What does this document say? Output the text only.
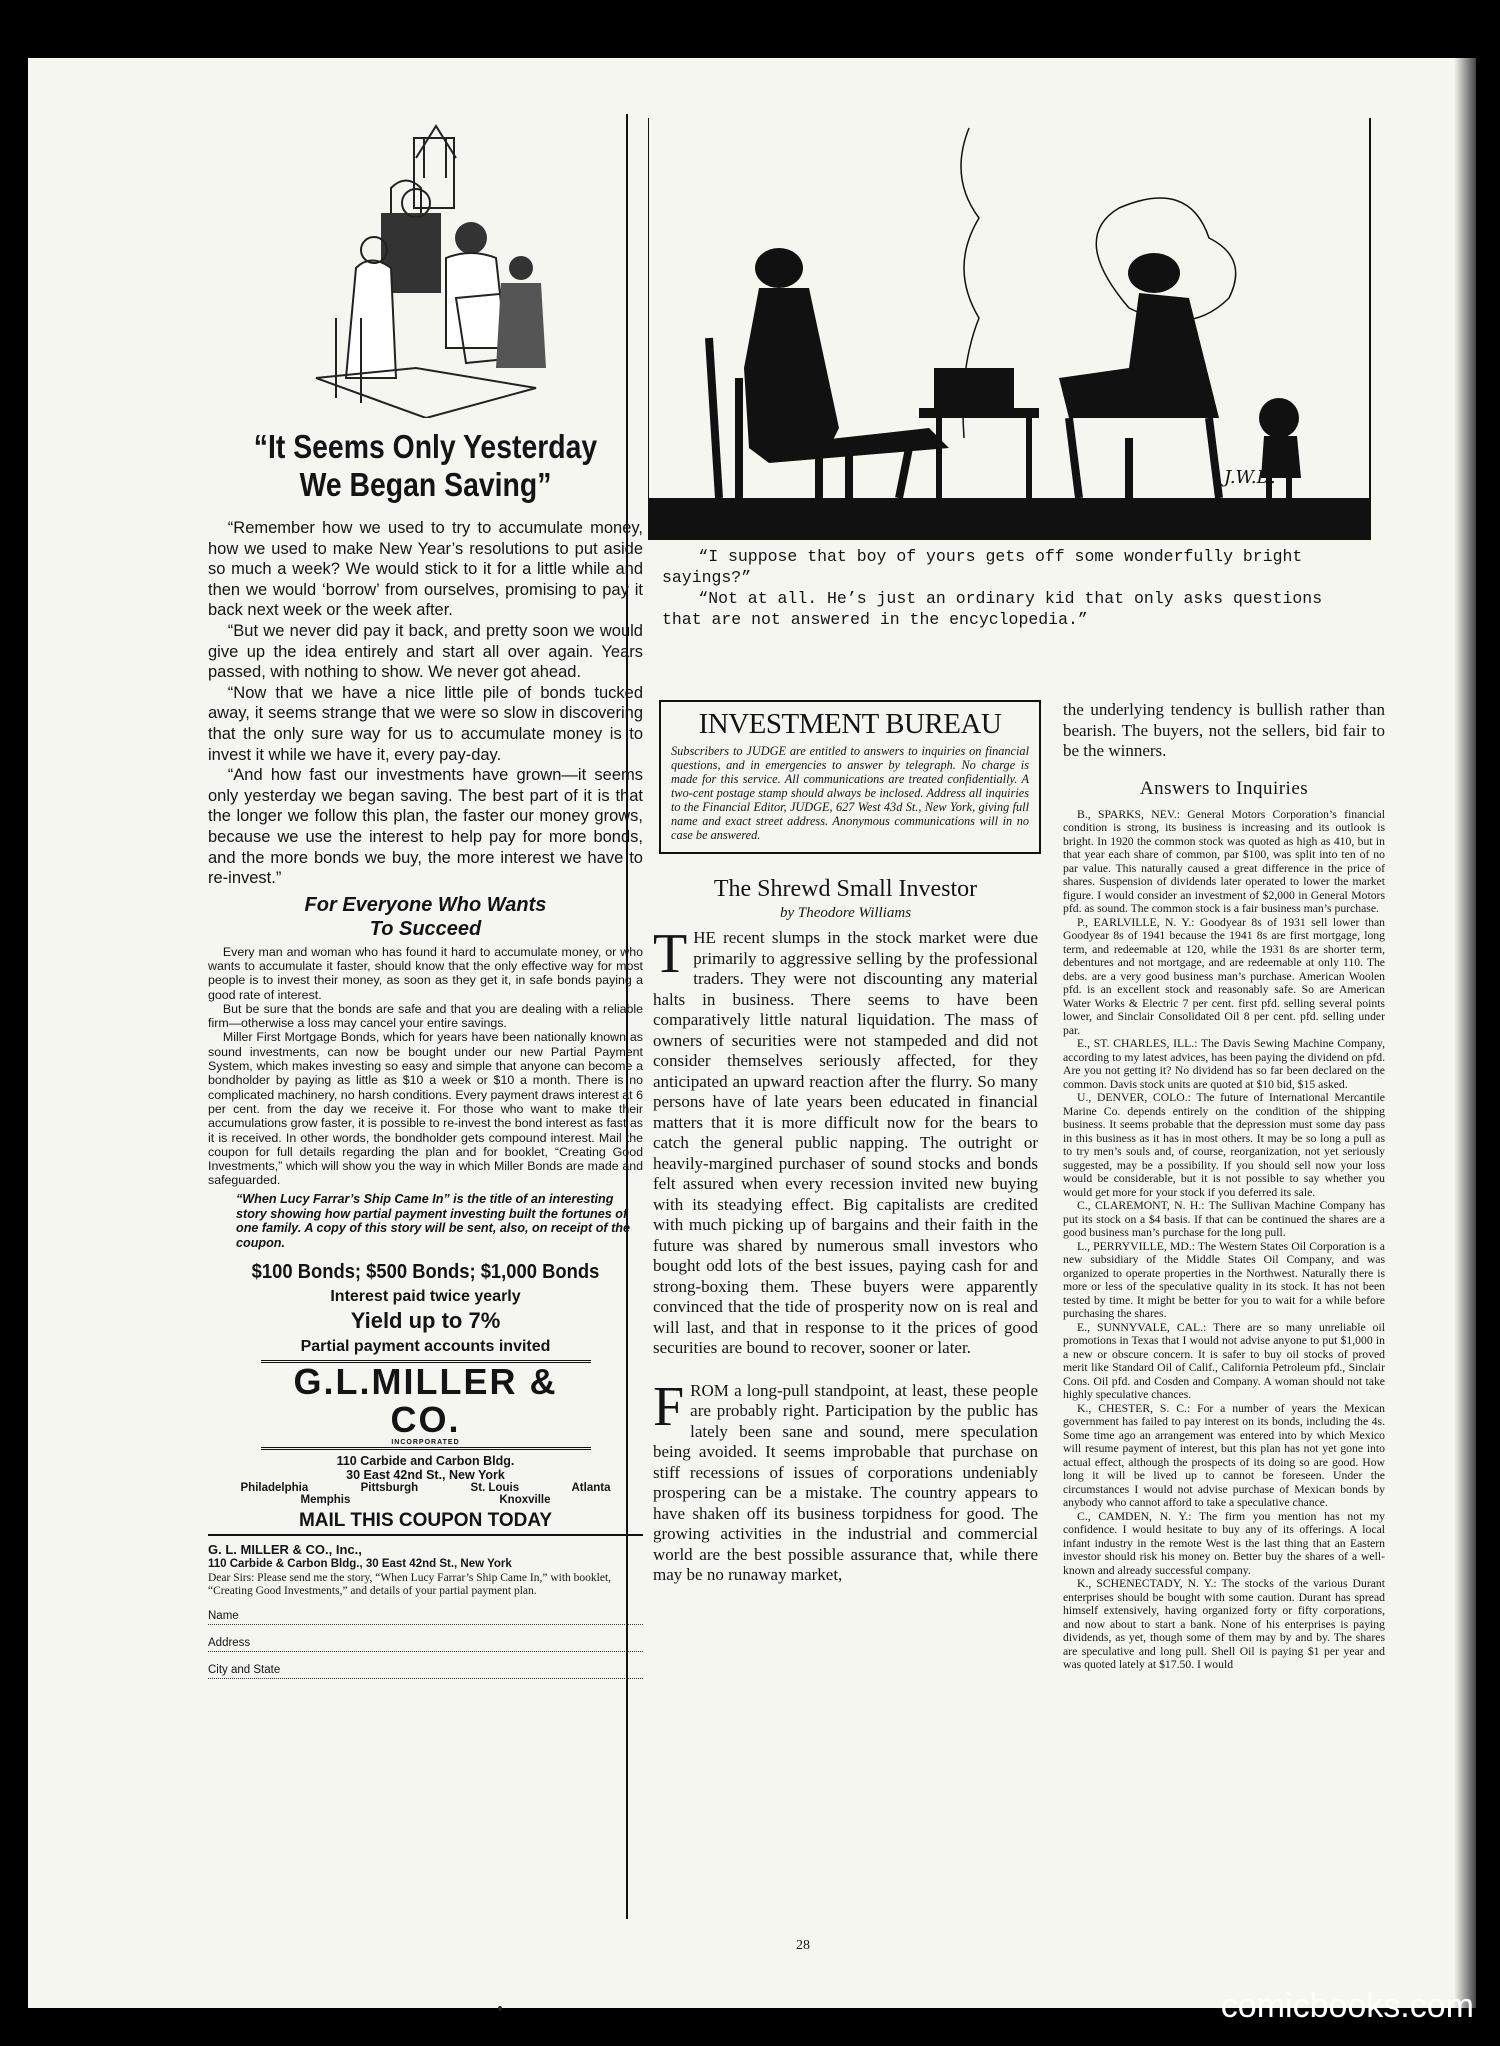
“It Seems Only Yesterday
We Began Saving”

“Remember how we used to try to accumulate money, how we used to make New Year’s resolutions to put aside so much a week? We would stick to it for a little while and then we would ‘borrow’ from ourselves, promising to pay it back next week or the week after.

“But we never did pay it back, and pretty soon we would give up the idea entirely and start all over again. Years passed, with nothing to show. We never got ahead.

“Now that we have a nice little pile of bonds tucked away, it seems strange that we were so slow in discovering that the only sure way for us to accumulate money is to invest it while we have it, every pay-day.

“And how fast our investments have grown—it seems only yesterday we began saving. The best part of it is that the longer we follow this plan, the faster our money grows, because we use the interest to help pay for more bonds, and the more bonds we buy, the more interest we have to re-invest.”

For Everyone Who Wants
To Succeed

Every man and woman who has found it hard to accumulate money, or who wants to accumulate it faster, should know that the only effective way for most people is to invest their money, as soon as they get it, in safe bonds paying a good rate of interest.

But be sure that the bonds are safe and that you are dealing with a reliable firm—otherwise a loss may cancel your entire savings.

Miller First Mortgage Bonds, which for years have been nationally known as sound investments, can now be bought under our new Partial Payment System, which makes investing so easy and simple that anyone can become a bondholder by paying as little as $10 a week or $10 a month. There is no complicated machinery, no harsh conditions. Every payment draws interest at 6 per cent. from the day we receive it. For those who want to make their accumulations grow faster, it is possible to re-invest the bond interest as fast as it is received. In other words, the bondholder gets compound interest. Mail the coupon for full details regarding the plan and for booklet, “Creating Good Investments,” which will show you the way in which Miller Bonds are made and safeguarded.

“When Lucy Farrar’s Ship Came In” is the title of an interesting story showing how partial payment investing built the fortunes of one family. A copy of this story will be sent, also, on receipt of the coupon.
$100 Bonds; $500 Bonds; $1,000 Bonds
Interest paid twice yearly
Yield up to 7%
Partial payment accounts invited
G.L.MILLER & CO.
INCORPORATED
110 Carbide and Carbon Bldg.
30 East 42nd St., New York
Philadelphia	Pittsburgh	St. Louis	Atlanta
Memphis	Knoxville
MAIL THIS COUPON TODAY
G. L. MILLER & CO., Inc.,
110 Carbide & Carbon Bldg., 30 East 42nd St., New York
Dear Sirs: Please send me the story, “When Lucy Farrar’s Ship Came In,” with booklet, “Creating Good Investments,” and details of your partial payment plan.
Name
Address
City and State
J.W.B.

“I suppose that boy of yours gets off some wonderfully bright sayings?”

“Not at all. He’s just an ordinary kid that only asks questions that are not answered in the encyclopedia.”

INVESTMENT BUREAU
Subscribers to JUDGE are entitled to answers to inquiries on financial questions, and in emergencies to answer by telegraph. No charge is made for this service. All communications are treated confidentially. A two-cent postage stamp should always be inclosed. Address all inquiries to the Financial Editor, JUDGE, 627 West 43d St., New York, giving full name and exact street address. Anonymous communications will in no case be answered.
The Shrewd Small Investor
by Theodore Williams
THE recent slumps in the stock market were due primarily to aggressive selling by the professional traders. They were not discounting any material halts in business. There seems to have been comparatively little natural liquidation. The mass of owners of securities were not stampeded and did not consider themselves seriously affected, for they anticipated an upward reaction after the flurry. So many persons have of late years been educated in financial matters that it is more difficult now for the bears to catch the general public napping. The outright or heavily-margined purchaser of sound stocks and bonds felt assured when every recession invited new buying with its steadying effect. Big capitalists are credited with much picking up of bargains and their faith in the future was shared by numerous small investors who bought odd lots of the best issues, paying cash for and strong-boxing them. These buyers were apparently convinced that the tide of prosperity now on is real and will last, and that in response to it the prices of good securities are bound to recover, sooner or later.
FROM a long-pull standpoint, at least, these people are probably right. Participation by the public has lately been sane and sound, mere speculation being avoided. It seems improbable that purchase on stiff recessions of issues of corporations undeniably prospering can be a mistake. The country appears to have shaken off its business torpidness for good. The growing activities in the industrial and commercial world are the best possible assurance that, while there may be no runaway market,
the underlying tendency is bullish rather than bearish. The buyers, not the sellers, bid fair to be the winners.
Answers to Inquiries

B., SPARKS, NEV.: General Motors Corporation’s financial condition is strong, its business is increasing and its outlook is bright. In 1920 the common stock was quoted as high as 410, but in that year each share of common, par $100, was split into ten of no par value. This naturally caused a great difference in the price of shares. Suspension of dividends later operated to lower the market figure. I would consider an investment of $2,000 in General Motors pfd. as sound. The common stock is a fair business man’s purchase.

P., EARLVILLE, N. Y.: Goodyear 8s of 1931 sell lower than Goodyear 8s of 1941 because the 1941 8s are first mortgage, long term, and redeemable at 120, while the 1931 8s are shorter term, debentures and not mortgage, and are redeemable at only 110. The debs. are a very good business man’s purchase. American Woolen pfd. is an excellent stock and reasonably safe. So are American Water Works & Electric 7 per cent. first pfd. selling several points lower, and Sinclair Consolidated Oil 8 per cent. pfd. selling under par.

E., ST. CHARLES, ILL.: The Davis Sewing Machine Company, according to my latest advices, has been paying the dividend on pfd. Are you not getting it? No dividend has so far been declared on the common. Davis stock units are quoted at $10 bid, $15 asked.

U., DENVER, COLO.: The future of International Mercantile Marine Co. depends entirely on the condition of the shipping business. It seems probable that the depression must some day pass in this business as it has in most others. It may be so long a pull as to try men’s souls and, of course, reorganization, not yet seriously suggested, may be a possibility. If you should sell now your loss would be considerable, but it is not possible to say whether you would get more for your stock if you deferred its sale.

C., CLAREMONT, N. H.: The Sullivan Machine Company has put its stock on a $4 basis. If that can be continued the shares are a good business man’s purchase for the long pull.

L., PERRYVILLE, MD.: The Western States Oil Corporation is a new subsidiary of the Middle States Oil Company, and was organized to operate properties in the Northwest. Naturally there is more or less of the speculative quality in its stock. It has not been tested by time. It might be better for you to wait for a while before purchasing the shares.

E., SUNNYVALE, CAL.: There are so many unreliable oil promotions in Texas that I would not advise anyone to put $1,000 in a new or obscure concern. It is safer to buy oil stocks of proved merit like Standard Oil of Calif., California Petroleum pfd., Sinclair Cons. Oil pfd. and Cosden and Company. A woman should not take highly speculative chances.

K., CHESTER, S. C.: For a number of years the Mexican government has failed to pay interest on its bonds, including the 4s. Some time ago an arrangement was entered into by which Mexico will resume payment of interest, but this plan has not yet gone into actual effect, although the prospects of its doing so are good. How long it will be lived up to cannot be foreseen. Under the circumstances I would not advise purchase of Mexican bonds by anybody who cannot afford to take a speculative chance.

C., CAMDEN, N. Y.: The firm you mention has not my confidence. I would hesitate to buy any of its offerings. A local infant industry in the remote West is the last thing that an Eastern investor should risk his money on. Better buy the shares of a well-known and already successful company.

K., SCHENECTADY, N. Y.: The stocks of the various Durant enterprises should be bought with some caution. Durant has spread himself extensively, having organized forty or fifty corporations, and now about to start a bank. None of his enterprises is paying dividends, as yet, though some of them may by and by. The shares are speculative and long pull. Shell Oil is paying $1 per year and was quoted lately at $17.50. I would

28
comicbooks.com
